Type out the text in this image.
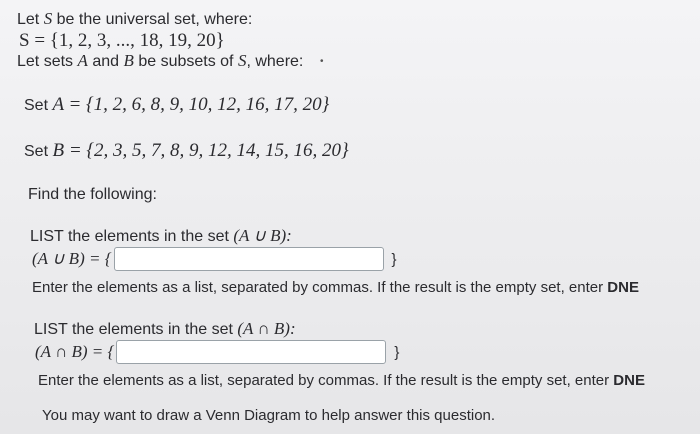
Let S be the universal set, where:
S = {1, 2, 3, ..., 18, 19, 20}
Let sets A and B be subsets of S, where: •
Set A = {1, 2, 6, 8, 9, 10, 12, 16, 17, 20}
Set B = {2, 3, 5, 7, 8, 9, 12, 14, 15, 16, 20}
Find the following:
LIST the elements in the set (A ∪ B):
(A ∪ B) = {	}
Enter the elements as a list, separated by commas. If the result is the empty set, enter DNE
LIST the elements in the set (A ∩ B):
(A ∩ B) = {	}
Enter the elements as a list, separated by commas. If the result is the empty set, enter DNE
You may want to draw a Venn Diagram to help answer this question.
